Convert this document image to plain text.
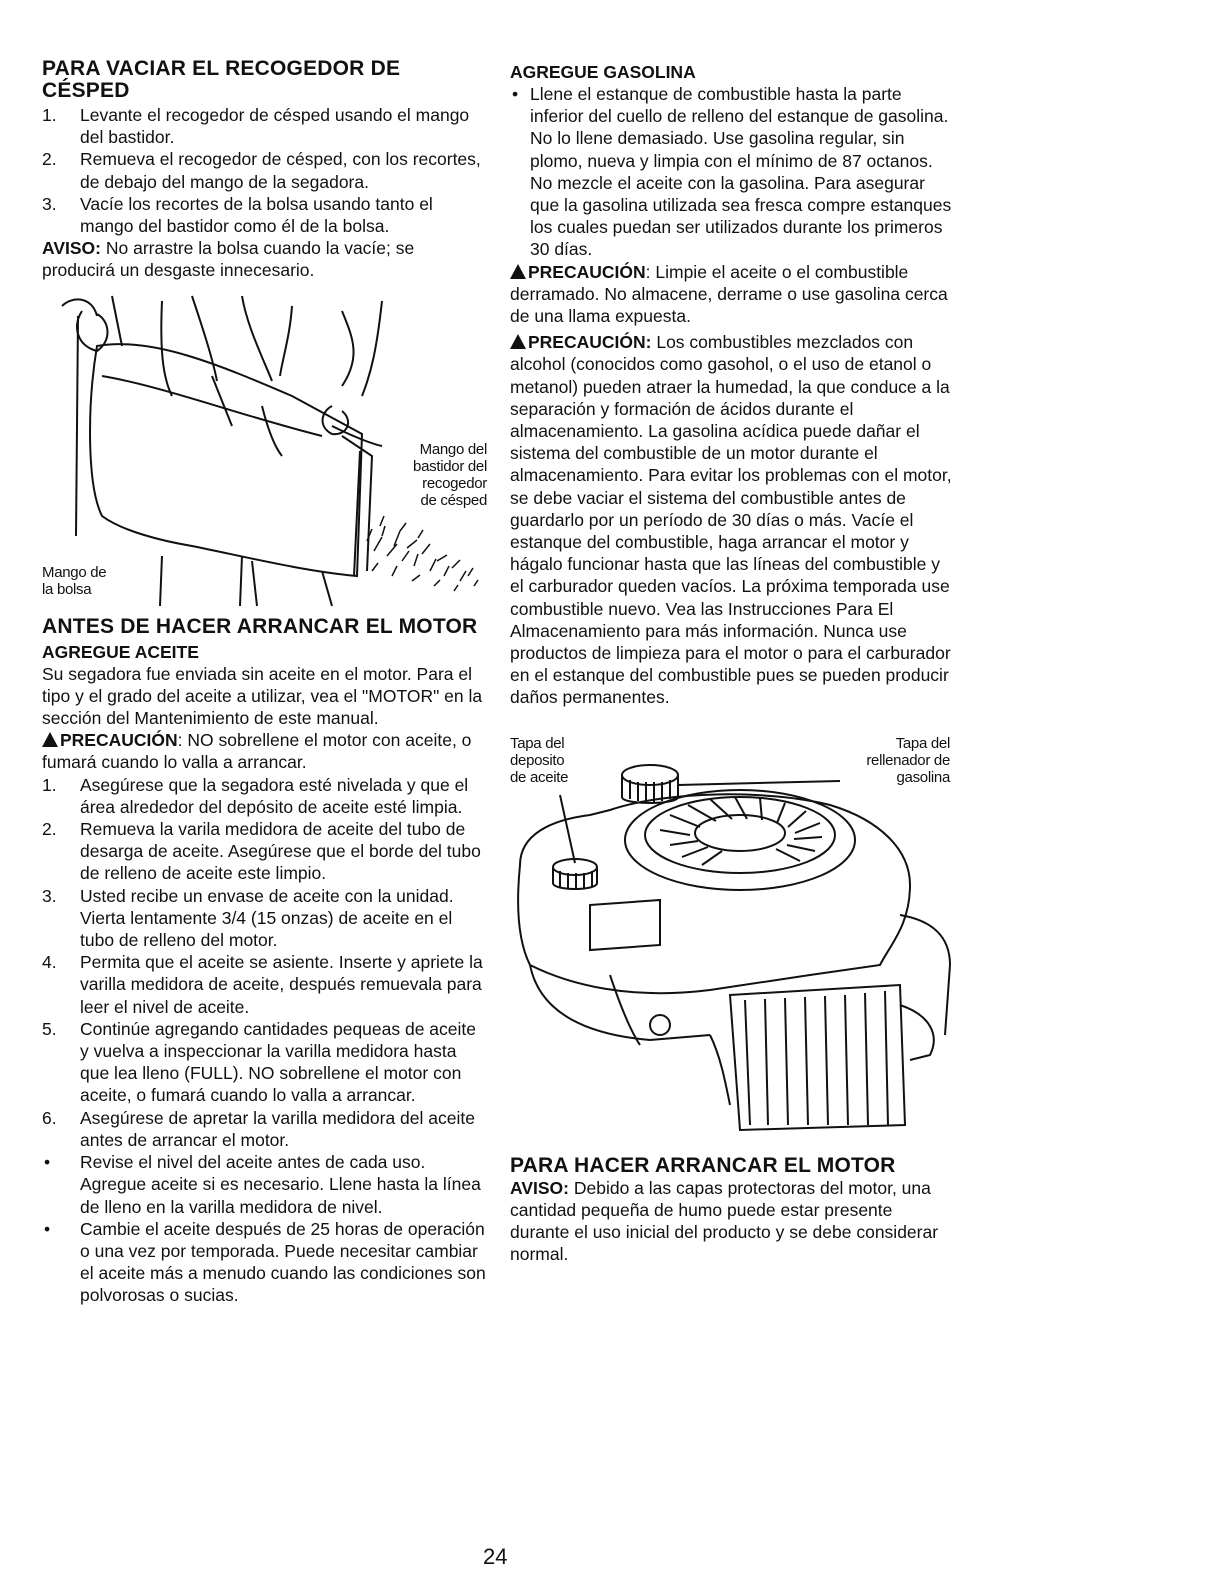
PARA VACIAR EL RECOGEDOR DE CÉSPED
1. Levante el recogedor de césped usando el mango del bastidor.
2. Remueva el recogedor de césped, con los recortes, de debajo del mango de la segadora.
3. Vacíe los recortes de la bolsa usando tanto el mango del bastidor como él de la bolsa.

AVISO: No arrastre la bolsa cuando la vacíe; se producirá un desgaste innecesario.

Mango del
bastidor del
recogedor
de césped
Mango de
la bolsa
ANTES DE HACER ARRANCAR EL MOTOR
AGREGUE ACEITE

Su segadora fue enviada sin aceite en el motor. Para el tipo y el grado del aceite a utilizar, vea el "MOTOR" en la sección del Mantenimiento de este manual.

PRECAUCIÓN: NO sobrellene el motor con aceite, o fumará cuando lo valla a arrancar.

1. Asegúrese que la segadora esté nivelada y que el área alrededor del depósito de aceite esté limpia.
2. Remueva la varila medidora de aceite del tubo de desarga de aceite. Asegúrese que el borde del tubo de relleno de aceite este limpio.
3. Usted recibe un envase de aceite con la unidad. Vierta lentamente 3/4 (15 onzas) de aceite en el tubo de relleno del motor.
4. Permita que el aceite se asiente. Inserte y apriete la varilla medidora de aceite, después remuevala para leer el nivel de aceite.
5. Continúe agregando cantidades pequeas de aceite y vuelva a inspeccionar la varilla medidora hasta que lea lleno (FULL). NO sobrellene el motor con aceite, o fumará cuando lo valla a arrancar.
6. Asegúrese de apretar la varilla medidora del aceite antes de arrancar el motor.
• Revise el nivel del aceite antes de cada uso. Agregue aceite si es necesario. Llene hasta la línea de lleno en la varilla medidora de nivel.
• Cambie el aceite después de 25 horas de operación o una vez por temporada. Puede necesitar cambiar el aceite más a menudo cuando las condiciones son polvorosas o sucias.
AGREGUE GASOLINA
• Llene el estanque de combustible hasta la parte inferior del cuello de relleno del estanque de gasolina. No lo llene demasiado. Use gasolina regular, sin plomo, nueva y limpia con el mínimo de 87 octanos. No mezcle el aceite con la gasolina. Para asegurar que la gasolina utilizada sea fresca compre estanques los cuales puedan ser utilizados durante los primeros 30 días.

PRECAUCIÓN: Limpie el aceite o el combustible derramado. No almacene, derrame o use gasolina cerca de una llama expuesta.

PRECAUCIÓN: Los combustibles mezclados con alcohol (conocidos como gasohol, o el uso de etanol o metanol) pueden atraer la humedad, la que conduce a la separación y formación de ácidos durante el almacenamiento. La gasolina acídica puede dañar el sistema del combustible de un motor durante el almacenamiento. Para evitar los problemas con el motor, se debe vaciar el sistema del combustible antes de guardarlo por un período de 30 días o más. Vacíe el estanque del combustible, haga arrancar el motor y hágalo funcionar hasta que las líneas del combustible y el carburador queden vacíos. La próxima temporada use combustible nuevo. Vea las Instrucciones Para El Almacenamiento para más información. Nunca use productos de limpieza para el motor o para el carburador en el estanque del combustible pues se pueden producir daños permanentes.

Tapa del
deposito
de aceite
Tapa del
rellenador de
gasolina
PARA HACER ARRANCAR EL MOTOR

AVISO: Debido a las capas protectoras del motor, una cantidad pequeña de humo puede estar presente durante el uso inicial del producto y se debe considerar normal.

24
